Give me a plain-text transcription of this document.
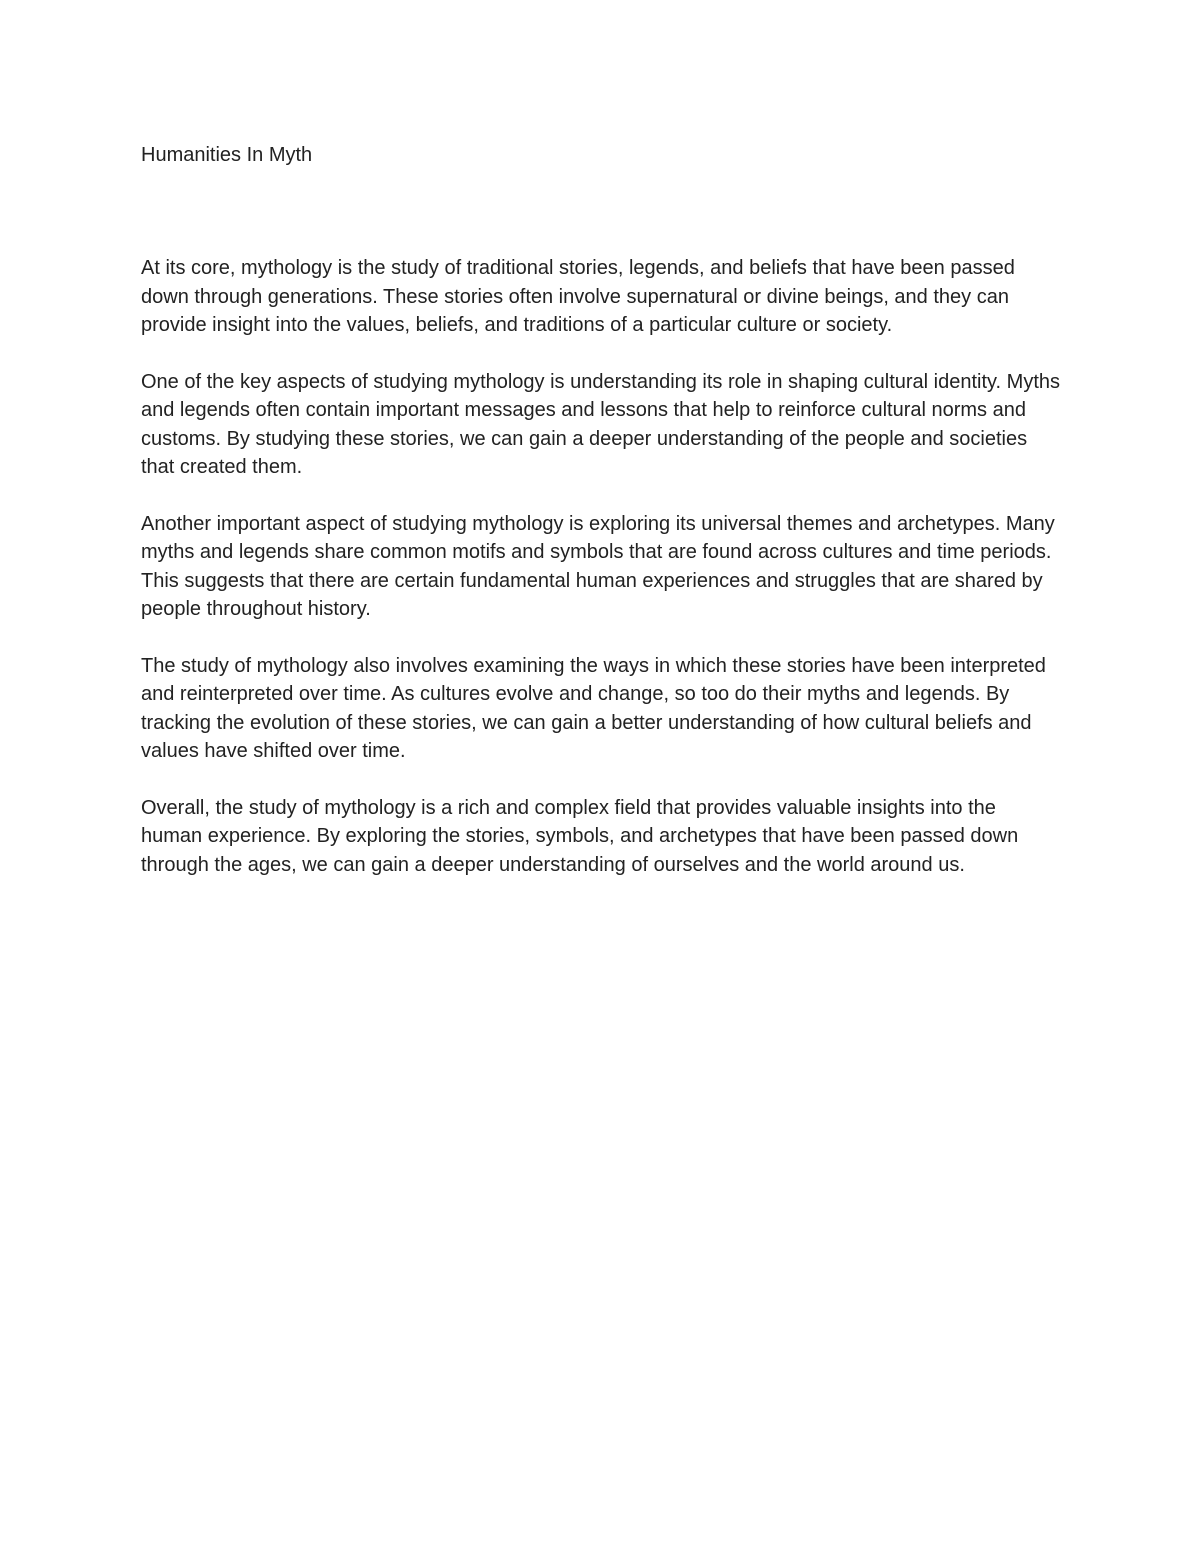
Humanities In Myth

At its core, mythology is the study of traditional stories, legends, and beliefs that have been passed down through generations. These stories often involve supernatural or divine beings, and they can provide insight into the values, beliefs, and traditions of a particular culture or society.

One of the key aspects of studying mythology is understanding its role in shaping cultural identity. Myths and legends often contain important messages and lessons that help to reinforce cultural norms and customs. By studying these stories, we can gain a deeper understanding of the people and societies that created them.

Another important aspect of studying mythology is exploring its universal themes and archetypes. Many myths and legends share common motifs and symbols that are found across cultures and time periods. This suggests that there are certain fundamental human experiences and struggles that are shared by people throughout history.

The study of mythology also involves examining the ways in which these stories have been interpreted and reinterpreted over time. As cultures evolve and change, so too do their myths and legends. By tracking the evolution of these stories, we can gain a better understanding of how cultural beliefs and values have shifted over time.

Overall, the study of mythology is a rich and complex field that provides valuable insights into the human experience. By exploring the stories, symbols, and archetypes that have been passed down through the ages, we can gain a deeper understanding of ourselves and the world around us.
